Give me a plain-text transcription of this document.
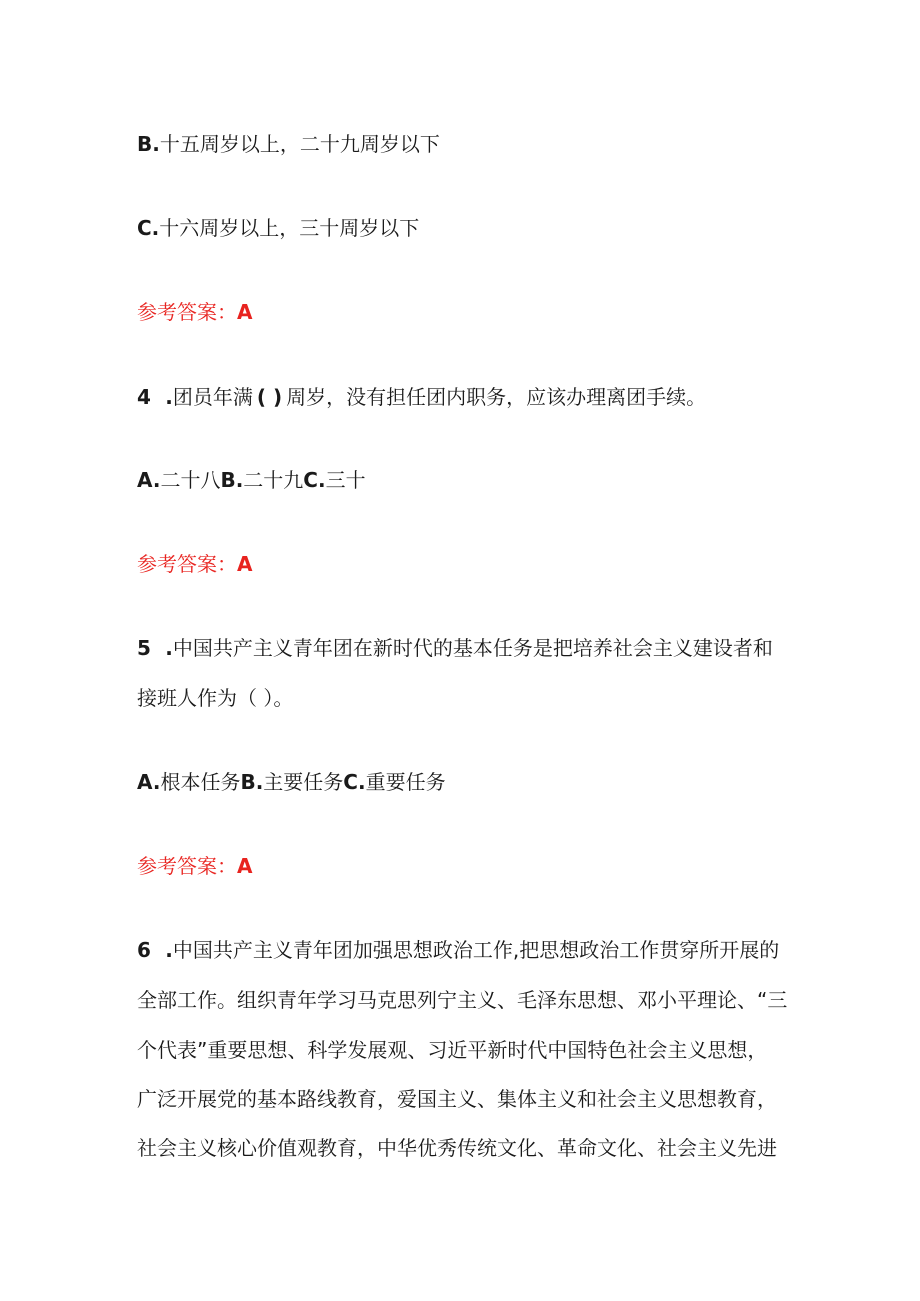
B.十五周岁以上，二十九周岁以下
C.十六周岁以上，三十周岁以下
参考答案：A
4 .团员年满 ( ) 周岁，没有担任团内职务，应该办理离团手续。
A.二十八B.二十九C.三十
参考答案：A
5 .中国共产主义青年团在新时代的基本任务是把培养社会主义建设者和
接班人作为（ ）。
A.根本任务B.主要任务C.重要任务
参考答案：A
6 .中国共产主义青年团加强思想政治工作,把思想政治工作贯穿所开展的
全部工作。组织青年学习马克思列宁主义、毛泽东思想、邓小平理论、“三
个代表”重要思想、科学发展观、习近平新时代中国特色社会主义思想，
广泛开展党的基本路线教育，爱国主义、集体主义和社会主义思想教育，
社会主义核心价值观教育，中华优秀传统文化、革命文化、社会主义先进
